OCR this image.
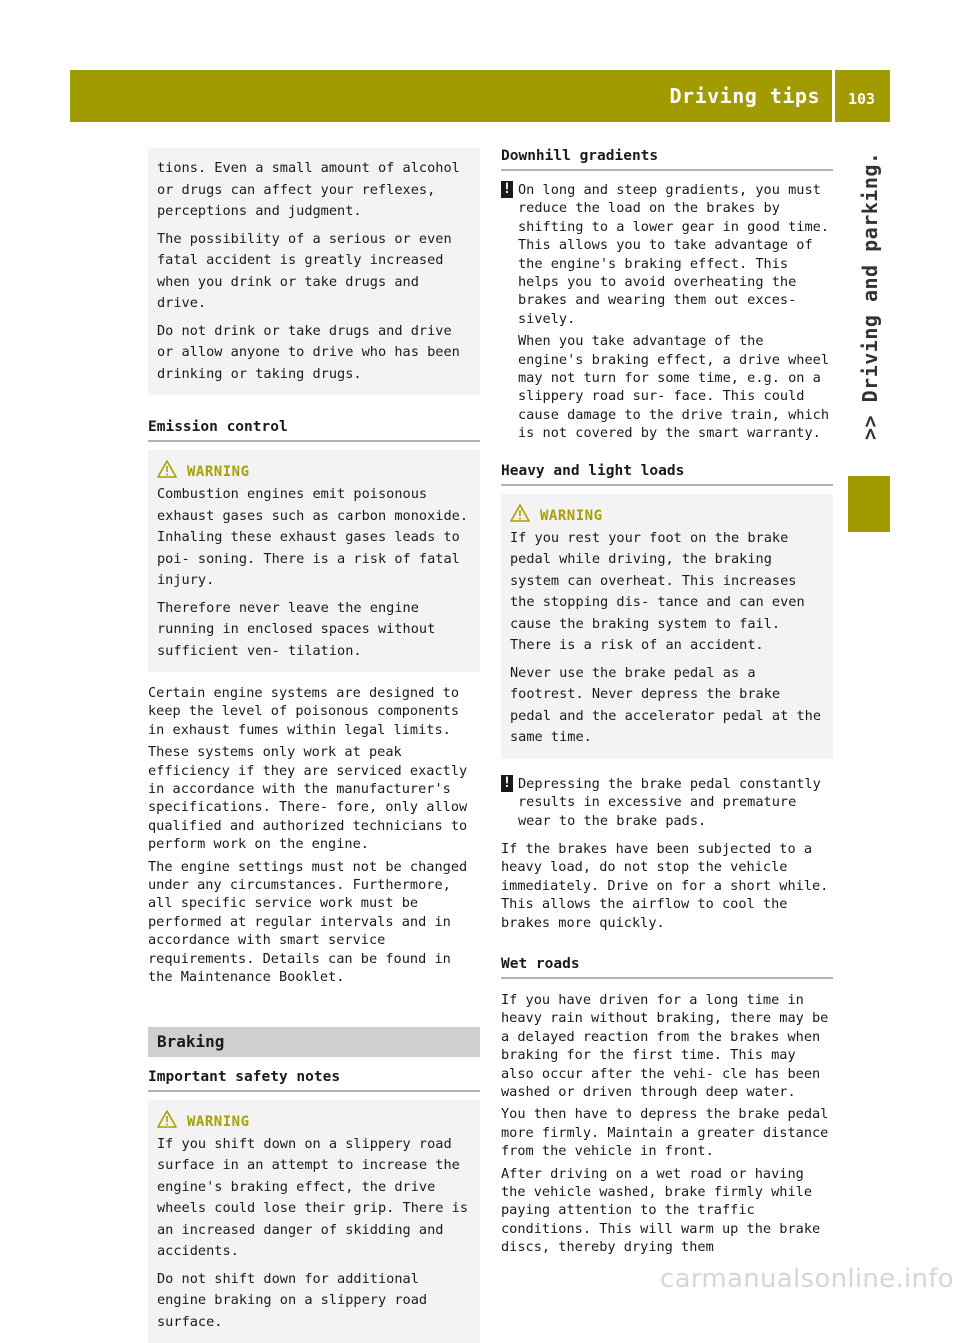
Driving tips 103
>> Driving and parking.

tions. Even a small amount of alcohol or drugs can affect your reflexes, perceptions and judgment.

The possibility of a serious or even fatal accident is greatly increased when you drink or take drugs and drive.

Do not drink or take drugs and drive or allow anyone to drive who has been drinking or taking drugs.

Emission control
WARNING

Combustion engines emit poisonous exhaust gases such as carbon monoxide. Inhaling these exhaust gases leads to poi- soning. There is a risk of fatal injury.

Therefore never leave the engine running in enclosed spaces without sufficient ven- tilation.

Certain engine systems are designed to keep the level of poisonous components in exhaust fumes within legal limits.

These systems only work at peak efficiency if they are serviced exactly in accordance with the manufacturer's specifications. There- fore, only allow qualified and authorized technicians to perform work on the engine.

The engine settings must not be changed under any circumstances. Furthermore, all specific service work must be performed at regular intervals and in accordance with smart service requirements. Details can be found in the Maintenance Booklet.

Braking
Important safety notes
WARNING

If you shift down on a slippery road surface in an attempt to increase the engine's braking effect, the drive wheels could lose their grip. There is an increased danger of skidding and accidents.

Do not shift down for additional engine braking on a slippery road surface.

Downhill gradients
! On long and steep gradients, you must reduce the load on the brakes by shifting to a lower gear in good time. This allows you to take advantage of the engine's braking effect. This helps you to avoid overheating the brakes and wearing them out exces- sively.

When you take advantage of the engine's braking effect, a drive wheel may not turn for some time, e.g. on a slippery road sur- face. This could cause damage to the drive train, which is not covered by the smart warranty.

Heavy and light loads
WARNING

If you rest your foot on the brake pedal while driving, the braking system can overheat. This increases the stopping dis- tance and can even cause the braking system to fail. There is a risk of an accident.

Never use the brake pedal as a footrest. Never depress the brake pedal and the accelerator pedal at the same time.

! Depressing the brake pedal constantly results in excessive and premature wear to the brake pads.

If the brakes have been subjected to a heavy load, do not stop the vehicle immediately. Drive on for a short while. This allows the airflow to cool the brakes more quickly.

Wet roads

If you have driven for a long time in heavy rain without braking, there may be a delayed reaction from the brakes when braking for the first time. This may also occur after the vehi- cle has been washed or driven through deep water.

You then have to depress the brake pedal more firmly. Maintain a greater distance from the vehicle in front.

After driving on a wet road or having the vehicle washed, brake firmly while paying attention to the traffic conditions. This will warm up the brake discs, thereby drying them

carmanualsonline.info
